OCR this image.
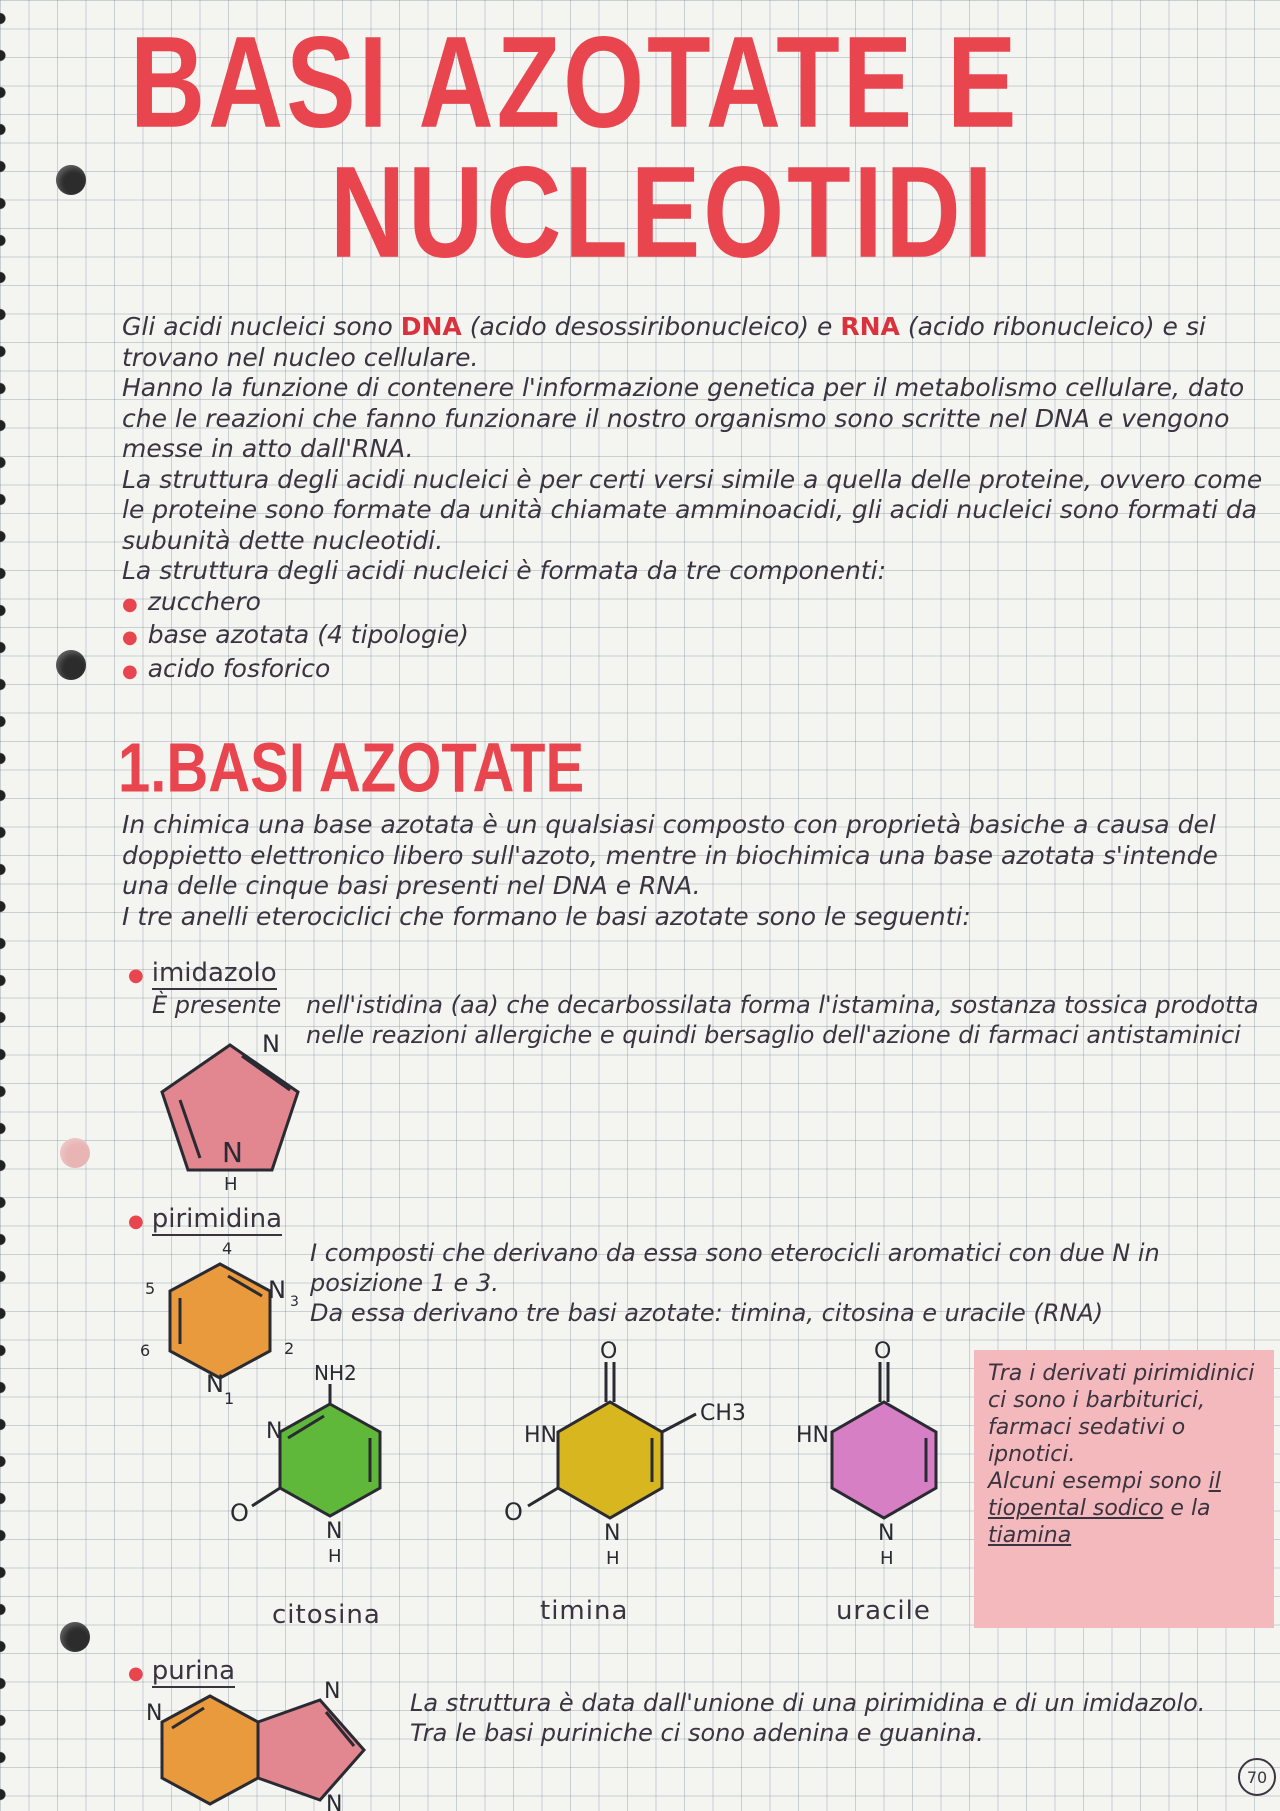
BASI AZOTATE E
NUCLEOTIDI

Gli acidi nucleici sono DNA (acido desossiribonucleico) e RNA (acido ribonucleico) e si trovano nel nucleo cellulare.

Hanno la funzione di contenere l'informazione genetica per il metabolismo cellulare, dato che le reazioni che fanno funzionare il nostro organismo sono scritte nel DNA e vengono messe in atto dall'RNA.

La struttura degli acidi nucleici è per certi versi simile a quella delle proteine, ovvero come le proteine sono formate da unità chiamate amminoacidi, gli acidi nucleici sono formati da subunità dette nucleotidi.

La struttura degli acidi nucleici è formata da tre componenti:

● zucchero
● base azotata (4 tipologie)
● acido fosforico
1.BASI AZOTATE

In chimica una base azotata è un qualsiasi composto con proprietà basiche a causa del doppietto elettronico libero sull'azoto, mentre in biochimica una base azotata s'intende una delle cinque basi presenti nel DNA e RNA.

I tre anelli eterociclici che formano le basi azotate sono le seguenti:

● imidazolo

È presente	nell'istidina (aa) che decarbossilata forma l'istamina, sostanza tossica prodotta nelle reazioni allergiche e quindi bersaglio dell'azione di farmaci antistaminici

N
N
H
● pirimidina

I composti che derivano da essa sono eterocicli aromatici con due N in posizione 1 e 3.

Da essa derivano tre basi azotate: timina, citosina e uracile (RNA)

4
5
6	2
1
N 3
N	NH2
N
O
N
H
citosina
O
CH3
HN
O
N
H
timina
O
HN
N
H
uracile

Tra i derivati pirimidinici ci sono i barbiturici, farmaci sedativi o ipnotici.

Alcuni esempi sono il tiopental sodico e la tiamina

● purina
N
N
N

La struttura è data dall'unione di una pirimidina e di un imidazolo.

Tra le basi puriniche ci sono adenina e guanina.

70
